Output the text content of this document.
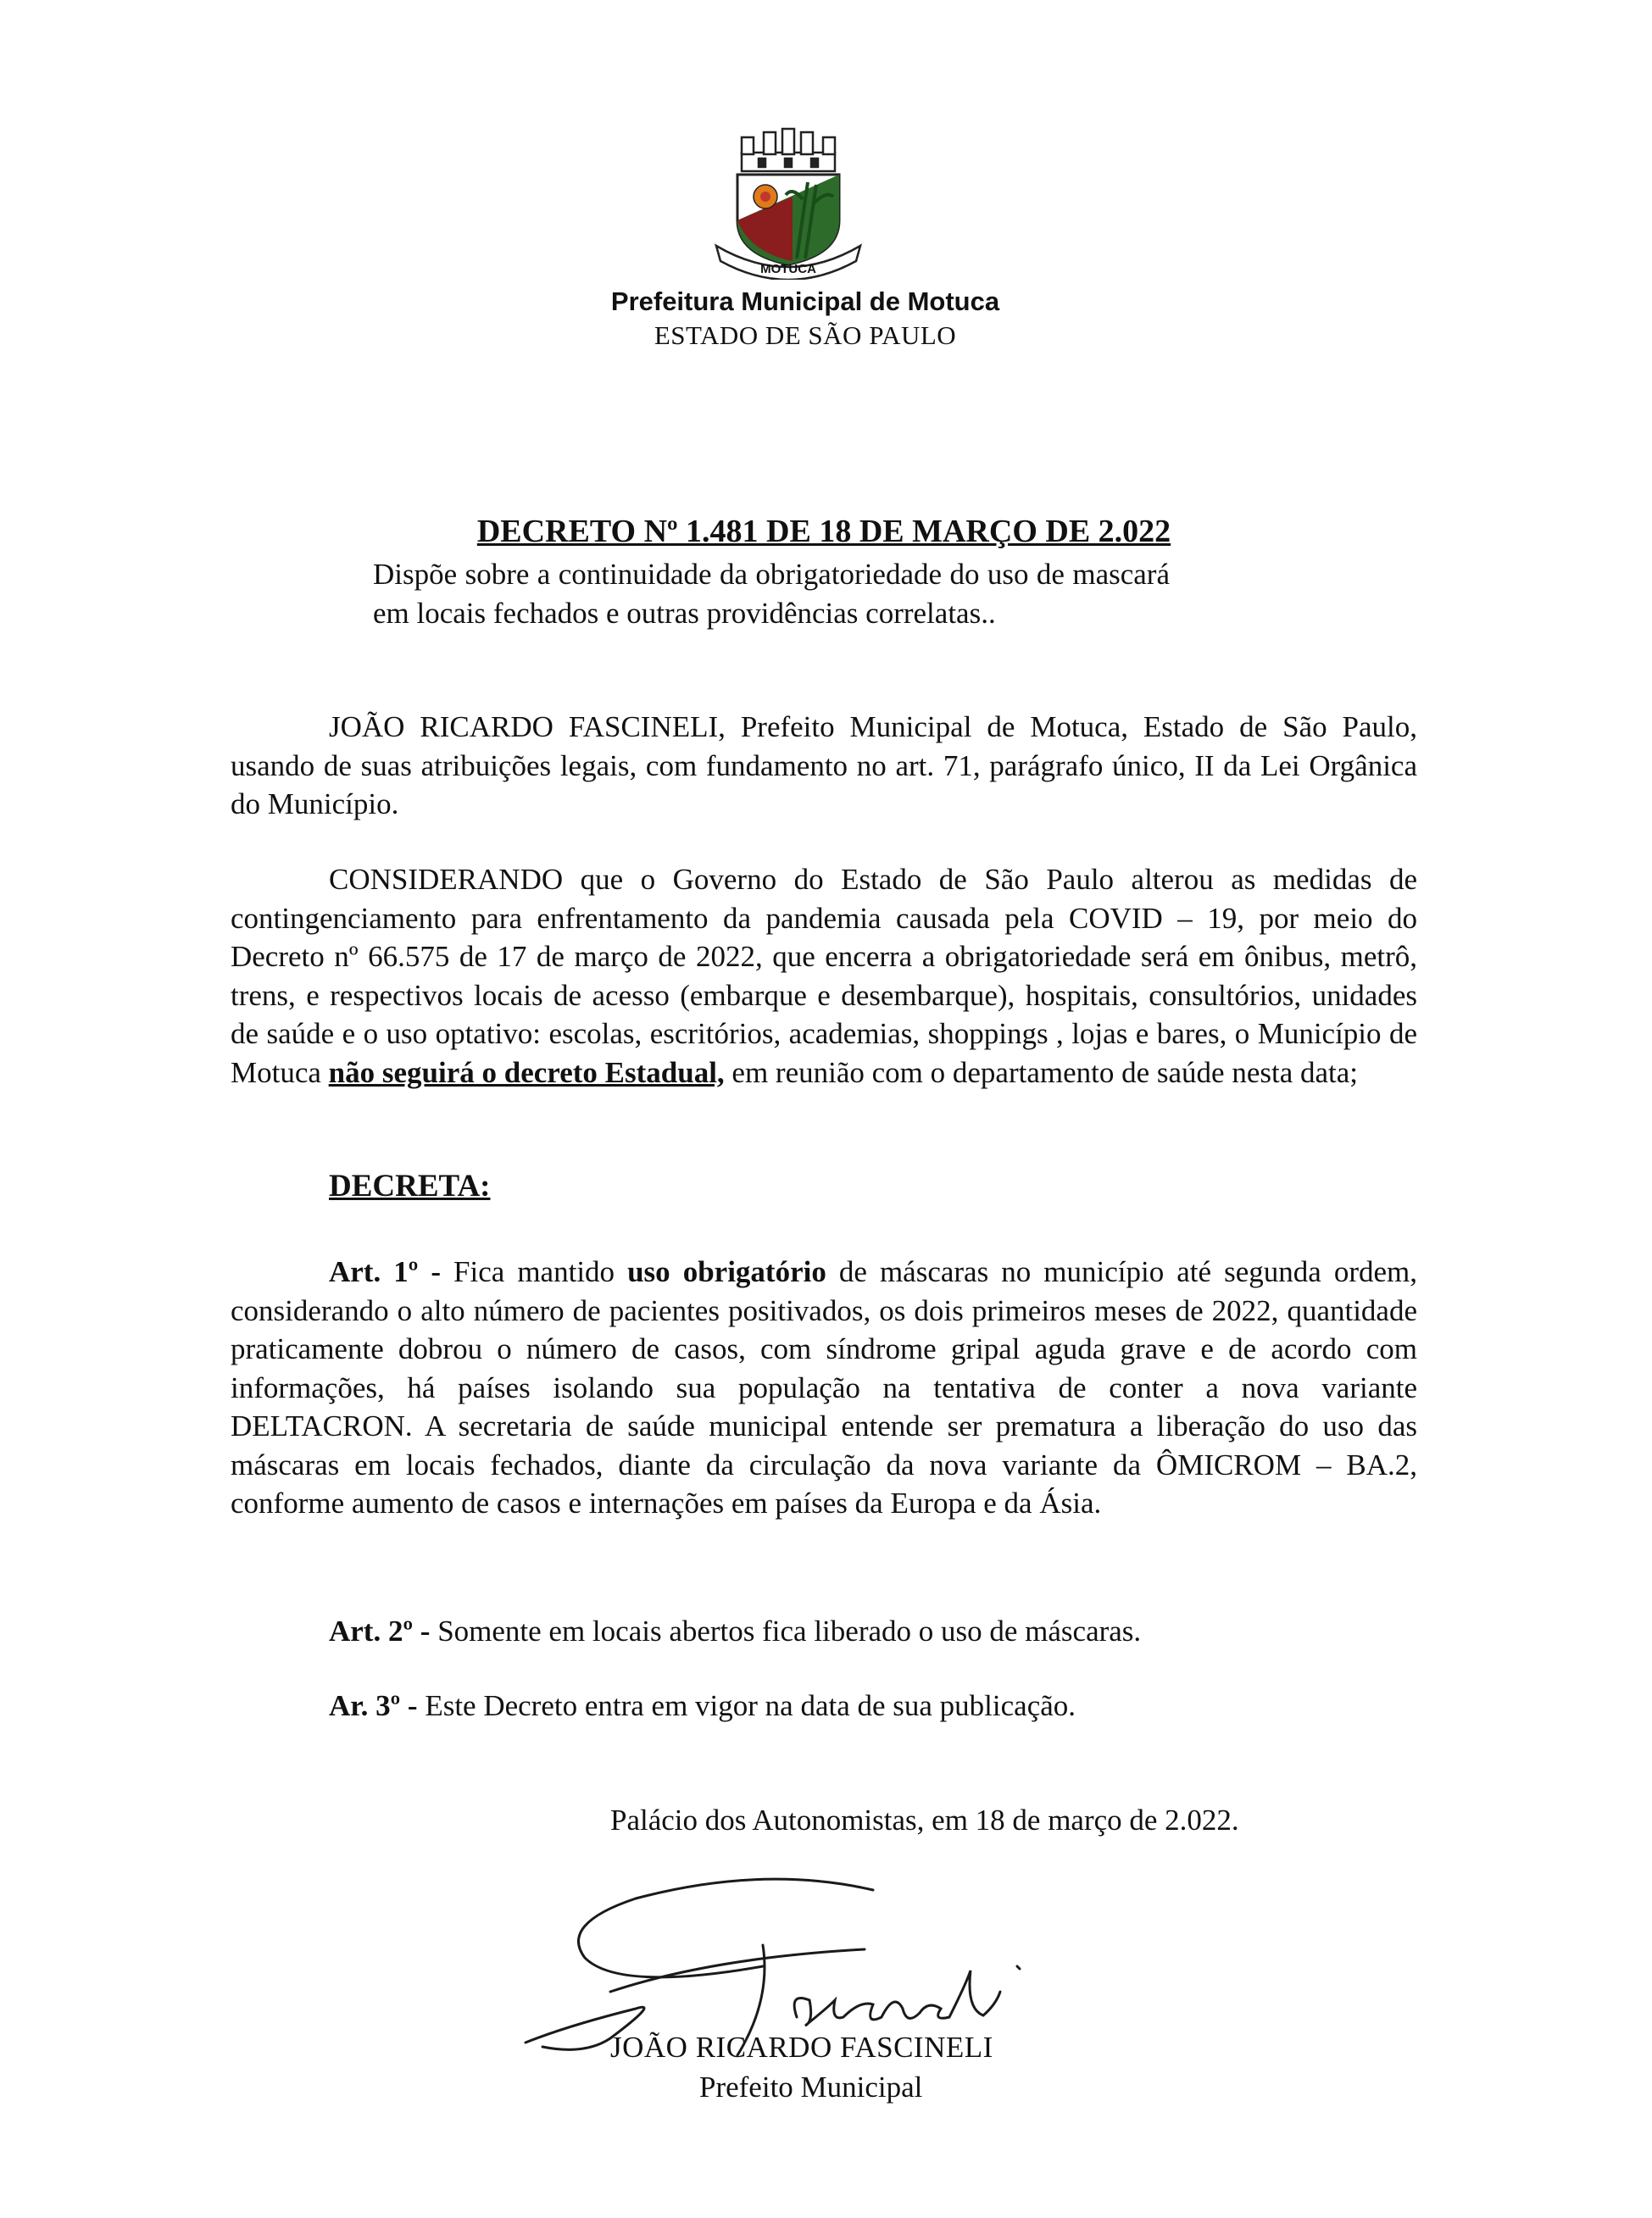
MOTUCA
Prefeitura Municipal de Motuca
ESTADO DE SÃO PAULO
DECRETO Nº 1.481 DE 18 DE MARÇO DE 2.022
Dispõe sobre a continuidade da obrigatoriedade do uso de mascará em locais fechados e outras providências correlatas..
JOÃO RICARDO FASCINELI, Prefeito Municipal de Motuca, Estado de São Paulo, usando de suas atribuições legais, com fundamento no art. 71, parágrafo único, II da Lei Orgânica do Município.
CONSIDERANDO que o Governo do Estado de São Paulo alterou as medidas de contingenciamento para enfrentamento da pandemia causada pela COVID – 19, por meio do Decreto nº 66.575 de 17 de março de 2022, que encerra a obrigatoriedade será em ônibus, metrô, trens, e respectivos locais de acesso (embarque e desembarque), hospitais, consultórios, unidades de saúde e o uso optativo: escolas, escritórios, academias, shoppings , lojas e bares, o Município de Motuca não seguirá o decreto Estadual, em reunião com o departamento de saúde nesta data;
DECRETA:
Art. 1º - Fica mantido uso obrigatório de máscaras no município até segunda ordem, considerando o alto número de pacientes positivados, os dois primeiros meses de 2022, quantidade praticamente dobrou o número de casos, com síndrome gripal aguda grave e de acordo com informações, há países isolando sua população na tentativa de conter a nova variante DELTACRON. A secretaria de saúde municipal entende ser prematura a liberação do uso das máscaras em locais fechados, diante da circulação da nova variante da ÔMICROM – BA.2, conforme aumento de casos e internações em países da Europa e da Ásia.
Art. 2º - Somente em locais abertos fica liberado o uso de máscaras.
Ar. 3º - Este Decreto entra em vigor na data de sua publicação.
Palácio dos Autonomistas, em 18 de março de 2.022.
JOÃO RICARDO FASCINELI
Prefeito Municipal
